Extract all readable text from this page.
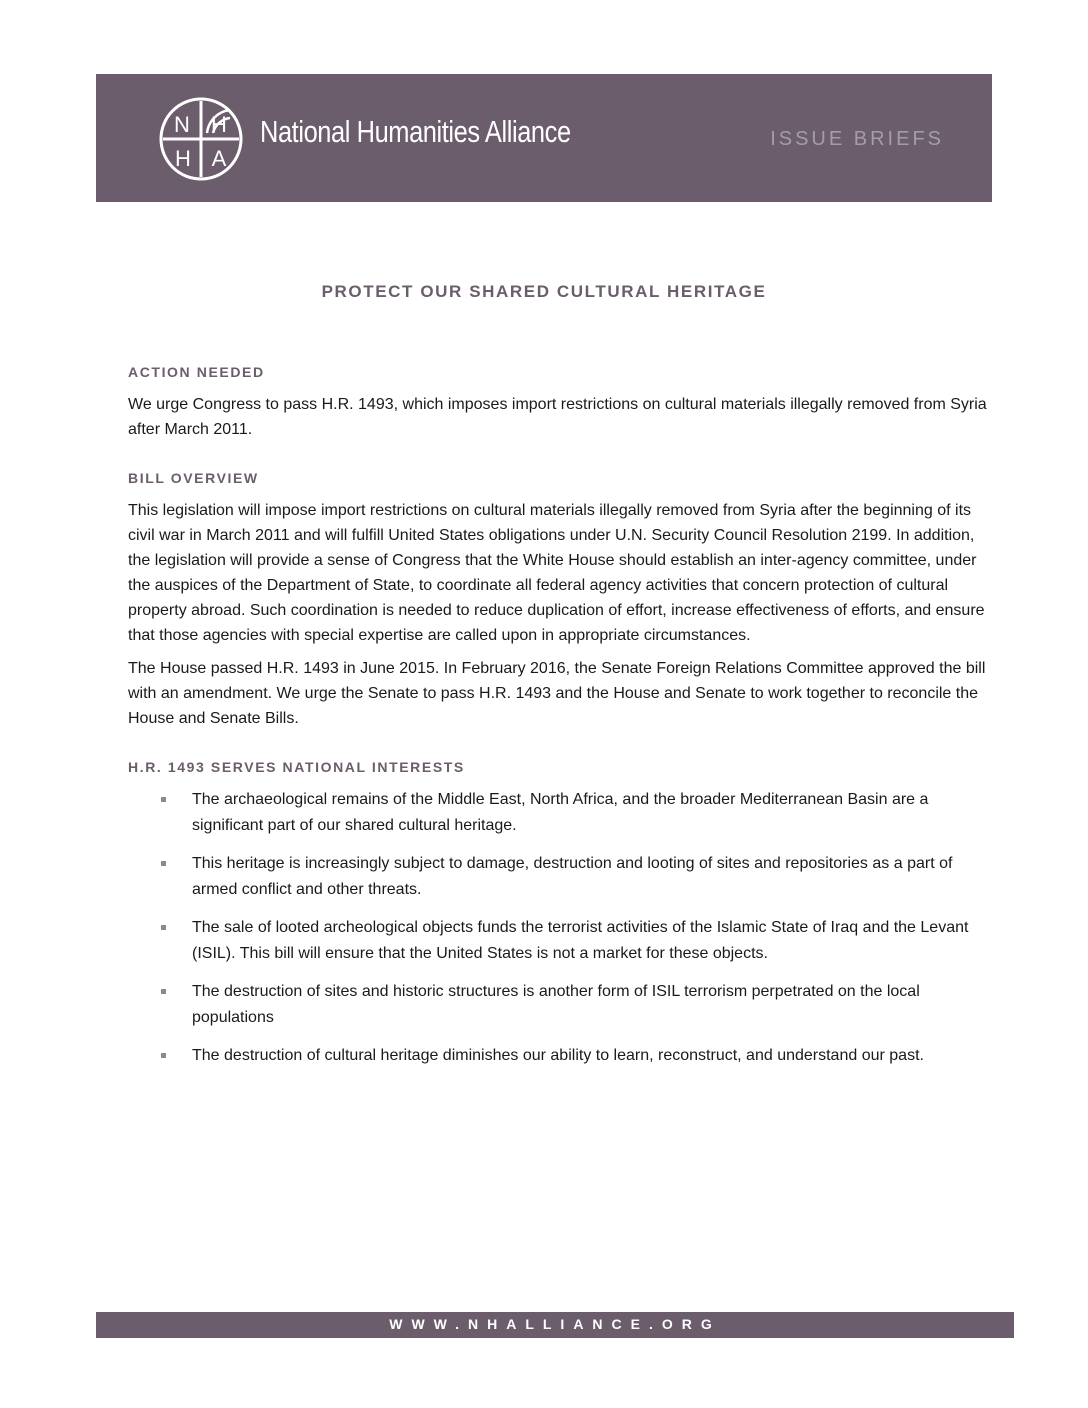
N H
H A
National Humanities Alliance	ISSUE BRIEFS
PROTECT OUR SHARED CULTURAL HERITAGE
ACTION NEEDED

We urge Congress to pass H.R. 1493, which imposes import restrictions on cultural materials illegally removed from Syria after March 2011.

BILL OVERVIEW

This legislation will impose import restrictions on cultural materials illegally removed from Syria after the beginning of its civil war in March 2011 and will fulfill United States obligations under U.N. Security Council Resolution 2199. In addition, the legislation will provide a sense of Congress that the White House should establish an inter-agency committee, under the auspices of the Department of State, to coordinate all federal agency activities that concern protection of cultural property abroad. Such coordination is needed to reduce duplication of effort, increase effectiveness of efforts, and ensure that those agencies with special expertise are called upon in appropriate circumstances.

The House passed H.R. 1493 in June 2015. In February 2016, the Senate Foreign Relations Committee approved the bill with an amendment. We urge the Senate to pass H.R. 1493 and the House and Senate to work together to reconcile the House and Senate Bills.

H.R. 1493 SERVES NATIONAL INTERESTS
The archaeological remains of the Middle East, North Africa, and the broader Mediterranean Basin are a significant part of our shared cultural heritage.
This heritage is increasingly subject to damage, destruction and looting of sites and repositories as a part of armed conflict and other threats.
The sale of looted archeological objects funds the terrorist activities of the Islamic State of Iraq and the Levant (ISIL). This bill will ensure that the United States is not a market for these objects.
The destruction of sites and historic structures is another form of ISIL terrorism perpetrated on the local populations
The destruction of cultural heritage diminishes our ability to learn, reconstruct, and understand our past.
WWW.NHALLIANCE.ORG
